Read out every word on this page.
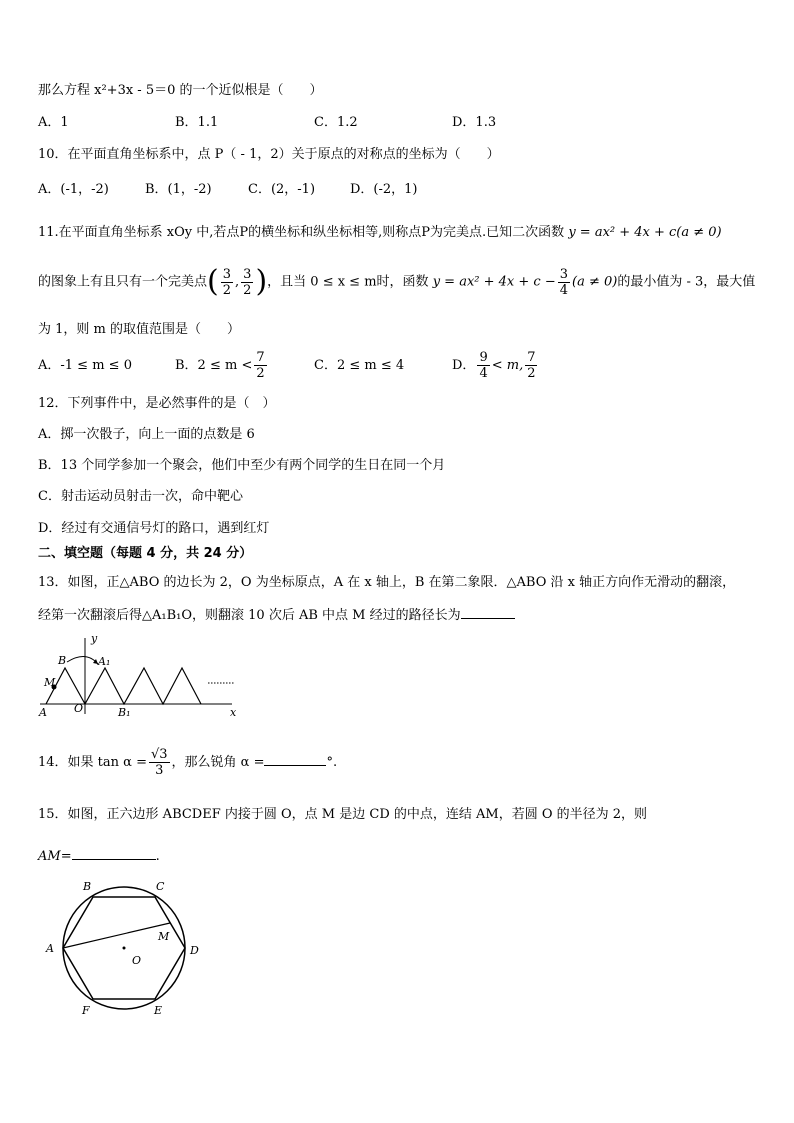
那么方程 x²+3x - 5＝0 的一个近似根是（　　）
A．1	B．1.1	C．1.2	D．1.3
10．在平面直角坐标系中，点 P（ - 1，2）关于原点的对称点的坐标为（　　）
A．(-1，-2)	B．(1，-2)	C．(2，-1)	D．(-2，1)
11.在平面直角坐标系 xOy 中,若点P的横坐标和纵坐标相等,则称点P为完美点.已知二次函数 y = ax² + 4x + c(a ≠ 0)
的图象上有且只有一个完美点( $\frac{3}{2}$ , $\frac{3}{2}$ )，且当 0 ≤ x ≤ m时，函数 $y = ax^2 + 4x + c - \frac{3}{4} (a \ne 0)$的最小值为 - 3，最大值
为 1，则 m 的取值范围是（　　）
A．-1 ≤ m ≤ 0	B．$2 \le m < \frac{7}{2}$	C．2 ≤ m ≤ 4	D． $\frac{9}{4} < m$, $\frac{7}{2}$
12．下列事件中，是必然事件的是（　）
A．掷一次骰子，向上一面的点数是 6
B．13 个同学参加一个聚会，他们中至少有两个同学的生日在同一个月
C．射击运动员射击一次，命中靶心
D．经过有交通信号灯的路口，遇到红灯
二、填空题（每题 4 分，共 24 分）
13．如图，正△ABO 的边长为 2，O 为坐标原点，A 在 x 轴上，B 在第二象限．△ABO 沿 x 轴正方向作无滑动的翻滚，
经第一次翻滚后得△A₁B₁O，则翻滚 10 次后 AB 中点 M 经过的路径长为
y
B	A₁
M
A O	B₁	x
14．如果 $\tan \alpha = \frac{√3}{3}$ ，那么锐角 α =	°.
15．如图，正六边形 ABCDEF 内接于圆 O，点 M 是边 CD 的中点，连结 AM，若圆 O 的半径为 2，则
AM=	.
B	C
A	D
M
O
F	E
